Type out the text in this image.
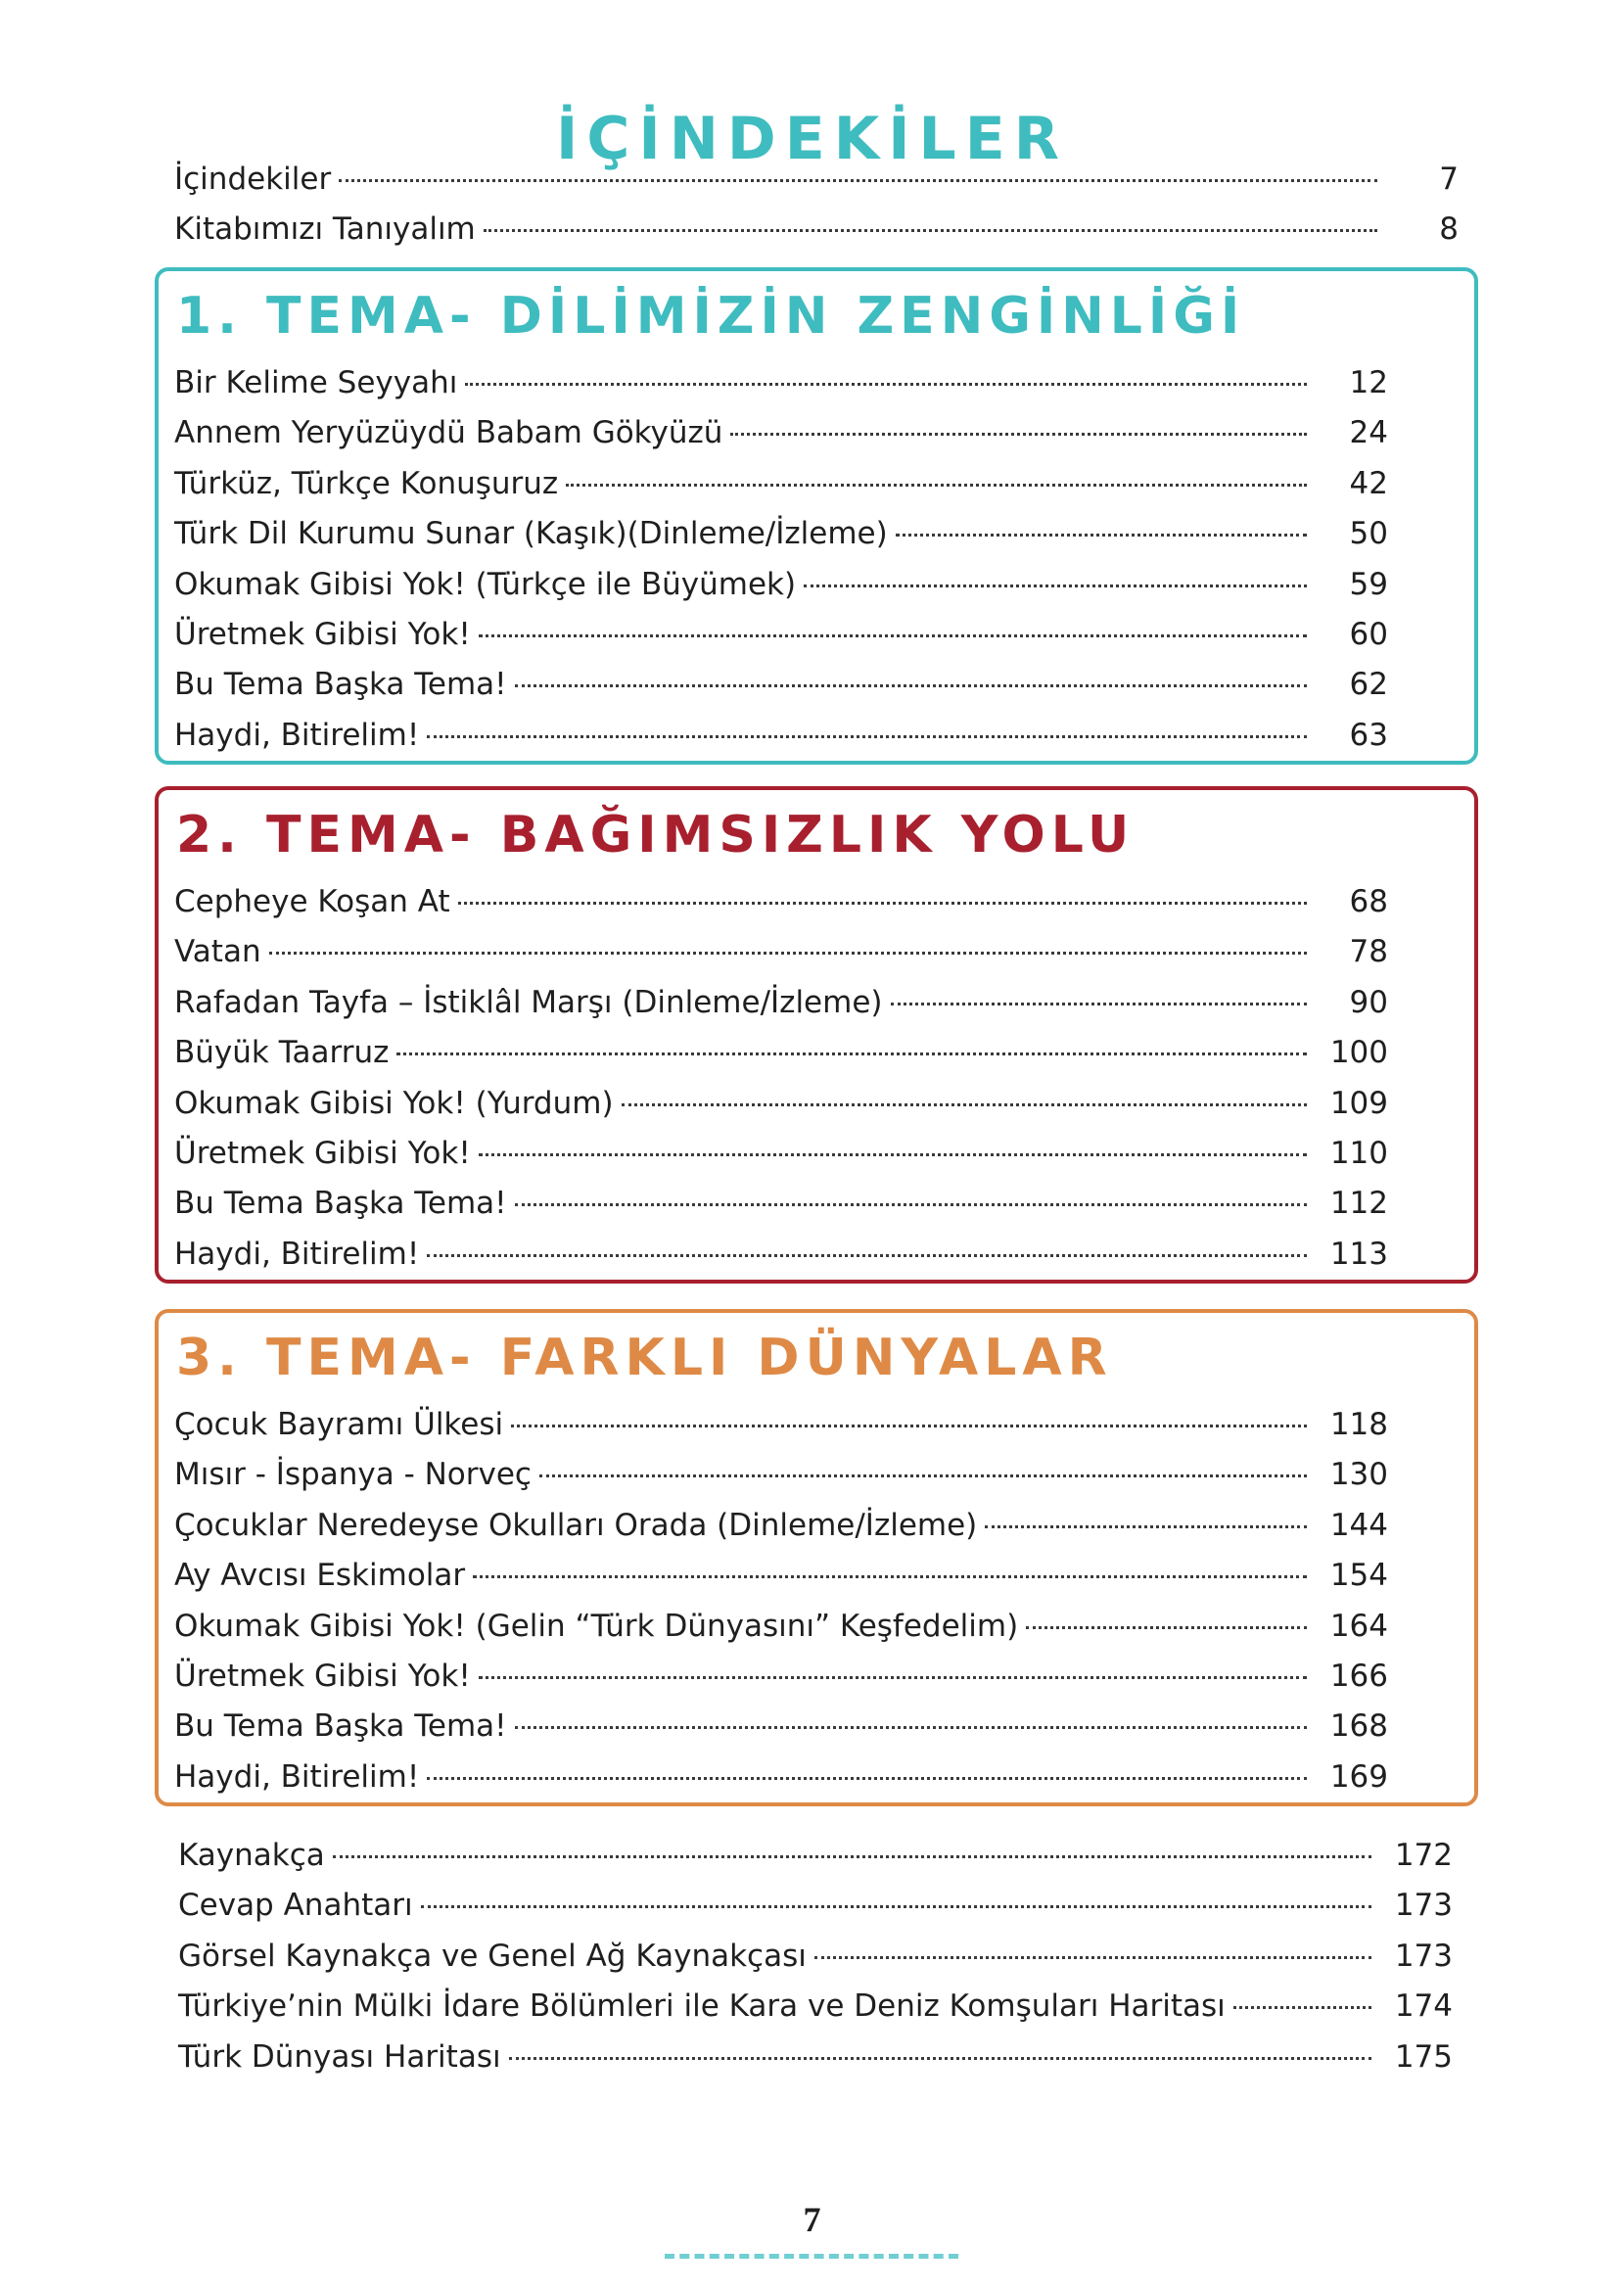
İÇİNDEKİLER
İçindekiler	7
Kitabımızı Tanıyalım	8
1. TEMA- DİLİMİZİN ZENGİNLİĞİ
Bir Kelime Seyyahı	12
Annem Yeryüzüydü Babam Gökyüzü	24
Türküz, Türkçe Konuşuruz	42
Türk Dil Kurumu Sunar (Kaşık)(Dinleme/İzleme)	50
Okumak Gibisi Yok! (Türkçe ile Büyümek)	59
Üretmek Gibisi Yok!	60
Bu Tema Başka Tema!	62
Haydi, Bitirelim!	63
2. TEMA- BAĞIMSIZLIK YOLU
Cepheye Koşan At	68
Vatan	78
Rafadan Tayfa – İstiklâl Marşı (Dinleme/İzleme)	90
Büyük Taarruz	100
Okumak Gibisi Yok! (Yurdum)	109
Üretmek Gibisi Yok!	110
Bu Tema Başka Tema!	112
Haydi, Bitirelim!	113
3. TEMA- FARKLI DÜNYALAR
Çocuk Bayramı Ülkesi	118
Mısır - İspanya - Norveç	130
Çocuklar Neredeyse Okulları Orada (Dinleme/İzleme)	144
Ay Avcısı Eskimolar	154
Okumak Gibisi Yok! (Gelin “Türk Dünyasını” Keşfedelim)	164
Üretmek Gibisi Yok!	166
Bu Tema Başka Tema!	168
Haydi, Bitirelim!	169
Kaynakça	172
Cevap Anahtarı	173
Görsel Kaynakça ve Genel Ağ Kaynakçası	173
Türkiye’nin Mülki İdare Bölümleri ile Kara ve Deniz Komşuları Haritası	174
Türk Dünyası Haritası	175
7
